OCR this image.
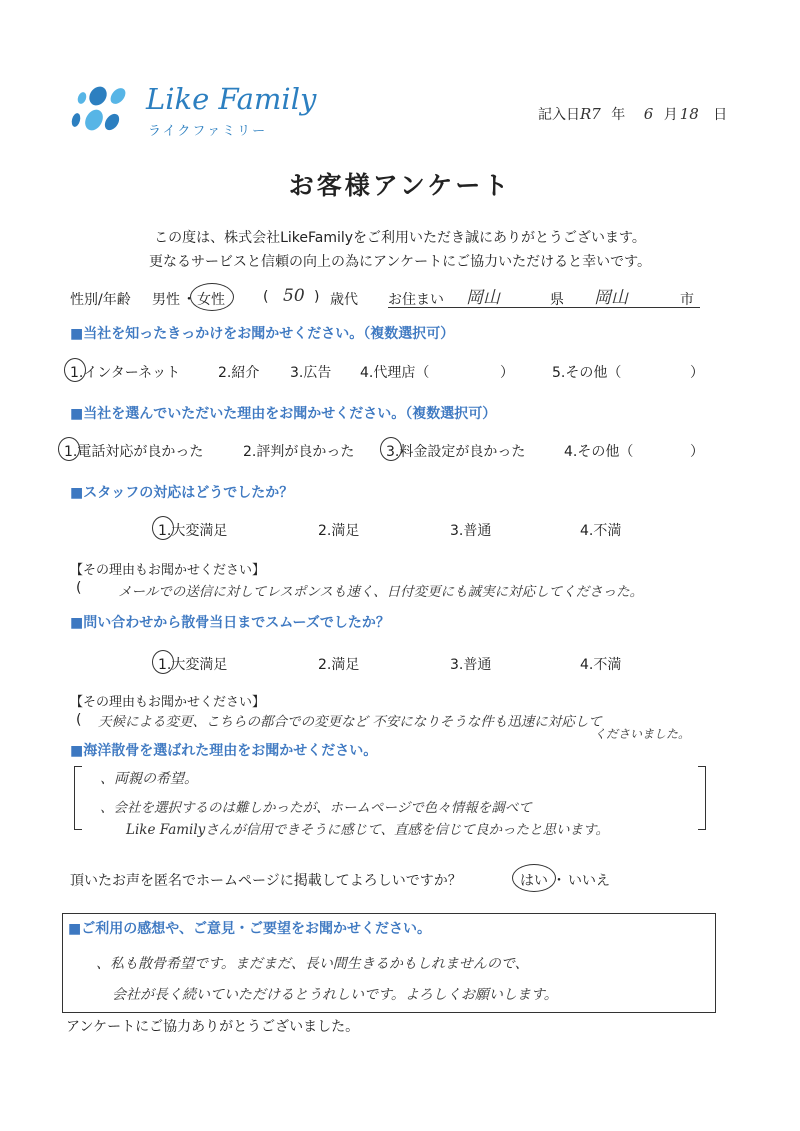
Like Family
ライクファミリー
記入日R7 年 6 月 18 日
お客様アンケート
この度は、株式会社LikeFamilyをご利用いただき誠にありがとうございます。
更なるサービスと信頼の向上の為にアンケートにご協力いただけると幸いです。
性別/年齢 男性 ・ 女性	( 50 ) 歳代 お住まい 岡山	県 岡山	市
■当社を知ったきっかけをお聞かせください。（複数選択可）
1.インターネット	2.紹介 3.広告 4.代理店（	）	5.その他（	）
■当社を選んでいただいた理由をお聞かせください。（複数選択可）
1.電話対応が良かった	2.評判が良かった 3.料金設定が良かった	4.その他（	）
■スタッフの対応はどうでしたか？
1.大変満足	2.満足	3.普通	4.不満
【その理由もお聞かせください】
(	メールでの送信に対してレスポンスも速く、日付変更にも誠実に対応してくださった。
■問い合わせから散骨当日までスムーズでしたか？
1.大変満足	2.満足	3.普通	4.不満
【その理由もお聞かせください】
( 天候による変更、こちらの都合での変更など 不安になりそうな件も迅速に対応して
くださいました。
■海洋散骨を選ばれた理由をお聞かせください。
、両親の希望。
、会社を選択するのは難しかったが、ホームページで色々情報を調べて
Like Familyさんが信用できそうに感じて、直感を信じて良かったと思います。
頂いたお声を匿名でホームページに掲載してよろしいですか？	はい ・ いいえ
■ご利用の感想や、ご意見・ご要望をお聞かせください。
、私も散骨希望です。まだまだ、長い間生きるかもしれませんので、
会社が長く続いていただけるとうれしいです。よろしくお願いします。
アンケートにご協力ありがとうございました。
